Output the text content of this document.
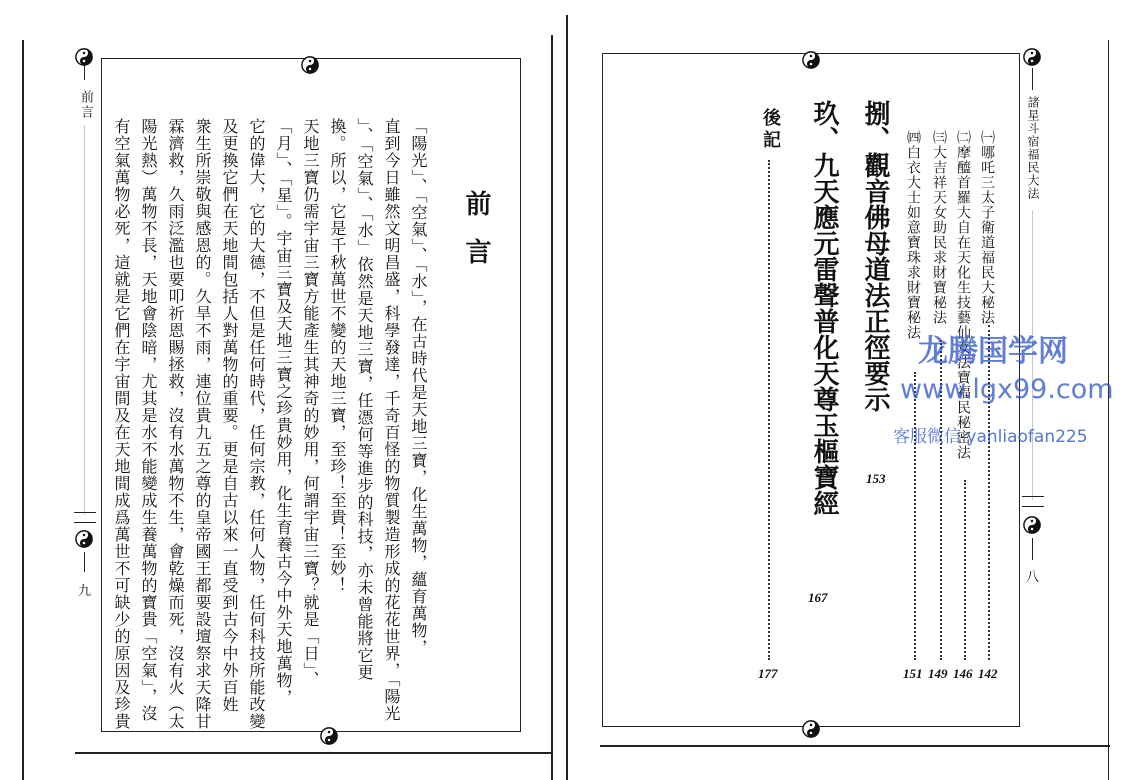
前言
九
前言
「陽光」、「空氣」、「水」，在古時代是天地三寶，化生萬物，蘊育萬物，
直到今日雖然文明昌盛，科學發達，千奇百怪的物質製造形成的花花世界，「陽光
」、「空氣」、「水」依然是天地三寶，任憑何等進步的科技，亦未曾能將它更
換。所以，它是千秋萬世不變的天地三寶，至珍！至貴！至妙！
天地三寶仍需宇宙三寶方能產生其神奇的妙用，何謂宇宙三寶？就是「日」、
「月」、「星」。宇宙三寶及天地三寶之珍貴妙用，化生育養古今中外天地萬物，
它的偉大，它的大德，不但是任何時代，任何宗教，任何人物，任何科技所能改變
及更換它們在天地間包括人對萬物的重要。更是自古以來一直受到古今中外百姓
衆生所崇敬與感恩的。久旱不雨，連位貴九五之尊的皇帝國王都要設壇祭求天降甘
霖濟救，久雨泛濫也要叩祈恩賜拯救，沒有水萬物不生，會乾燥而死，沒有火（太
陽光熱）萬物不長，天地會陰暗，尤其是水不能變成生養萬物的寶貴「空氣」，沒
有空氣萬物必死，這就是它們在宇宙間及在天地間成爲萬世不可缺少的原因及珍貴	諸星斗宿福民大法
八
㈠哪吒三太子衛道福民大秘法
142
㈡摩醯首羅大自在天化生技藝仙女法寶福民秘密法
146
㈢大吉祥天女助民求財寶秘法
149
㈣白衣大士如意寶珠求財寶秘法
151
捌、觀音佛母道法正徑要示
153
玖、九天應元雷聲普化天尊玉樞寶經
167
後記
177
龙腾国学网
www.lgx99.com
客服微信 yanliaofan225
